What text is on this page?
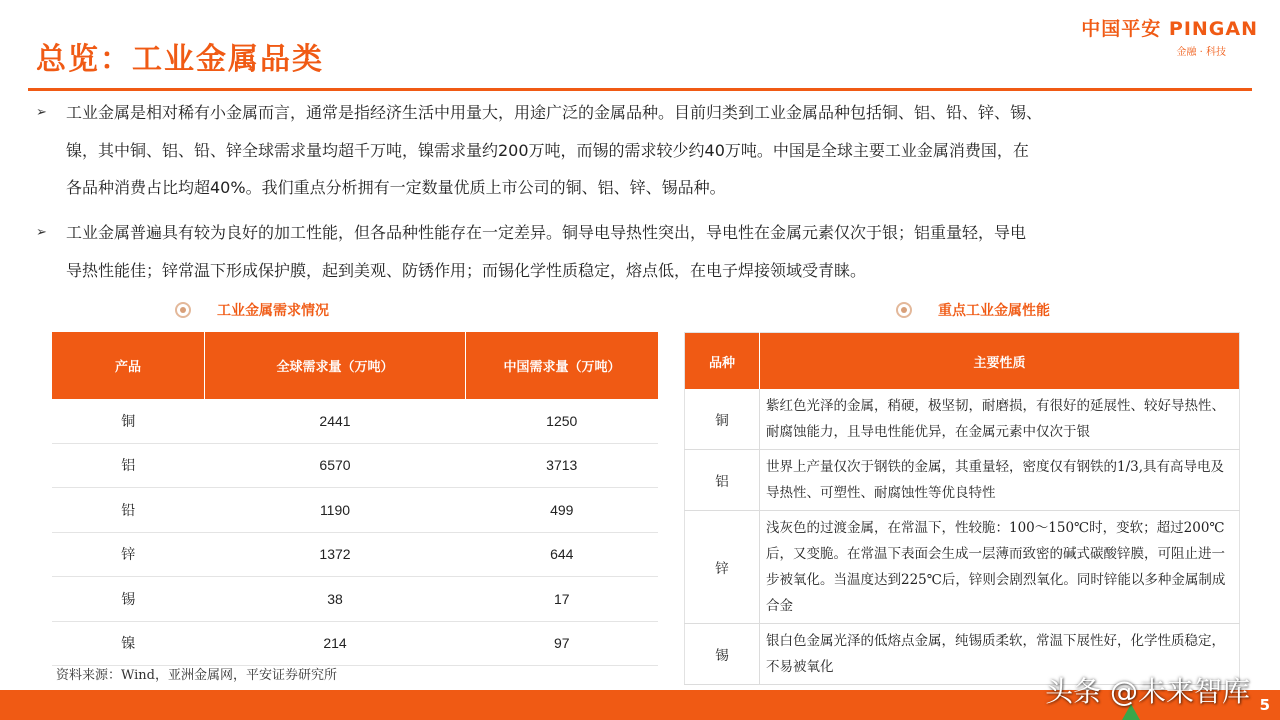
总览：工业金属品类
中国平安 PINGAN
金融 · 科技
➢	工业金属是相对稀有小金属而言，通常是指经济生活中用量大，用途广泛的金属品种。目前归类到工业金属品种包括铜、铝、铅、锌、锡、

镍，其中铜、铝、铅、锌全球需求量均超千万吨，镍需求量约200万吨，而锡的需求较少约40万吨。中国是全球主要工业金属消费国，在

各品种消费占比均超40%。我们重点分析拥有一定数量优质上市公司的铜、铝、锌、锡品种。

➢	工业金属普遍具有较为良好的加工性能，但各品种性能存在一定差异。铜导电导热性突出，导电性在金属元素仅次于银；铝重量轻，导电

导热性能佳；锌常温下形成保护膜，起到美观、防锈作用；而锡化学性质稳定，熔点低，在电子焊接领域受青睐。

工业金属需求情况	重点工业金属性能
产品	全球需求量（万吨）	中国需求量（万吨）
铜	2441	1250
铝	6570	3713
铅	1190	499
锌	1372	644
锡	38	17
镍	214	97
品种	主要性质
铜	紫红色光泽的金属，稍硬，极坚韧，耐磨损，有很好的延展性、较好导热性、耐腐蚀能力，且导电性能优异，在金属元素中仅次于银
铝	世界上产量仅次于钢铁的金属，其重量轻，密度仅有钢铁的1/3,具有高导电及导热性、可塑性、耐腐蚀性等优良特性
锌	浅灰色的过渡金属，在常温下，性较脆：100～150℃时，变软；超过200℃后，又变脆。在常温下表面会生成一层薄而致密的碱式碳酸锌膜，可阻止进一步被氧化。当温度达到225℃后，锌则会剧烈氧化。同时锌能以多种金属制成合金
锡	银白色金属光泽的低熔点金属，纯锡质柔软，常温下展性好，化学性质稳定，不易被氧化
资料来源：Wind，亚洲金属网，平安证券研究所	头条 @未来智库 5
